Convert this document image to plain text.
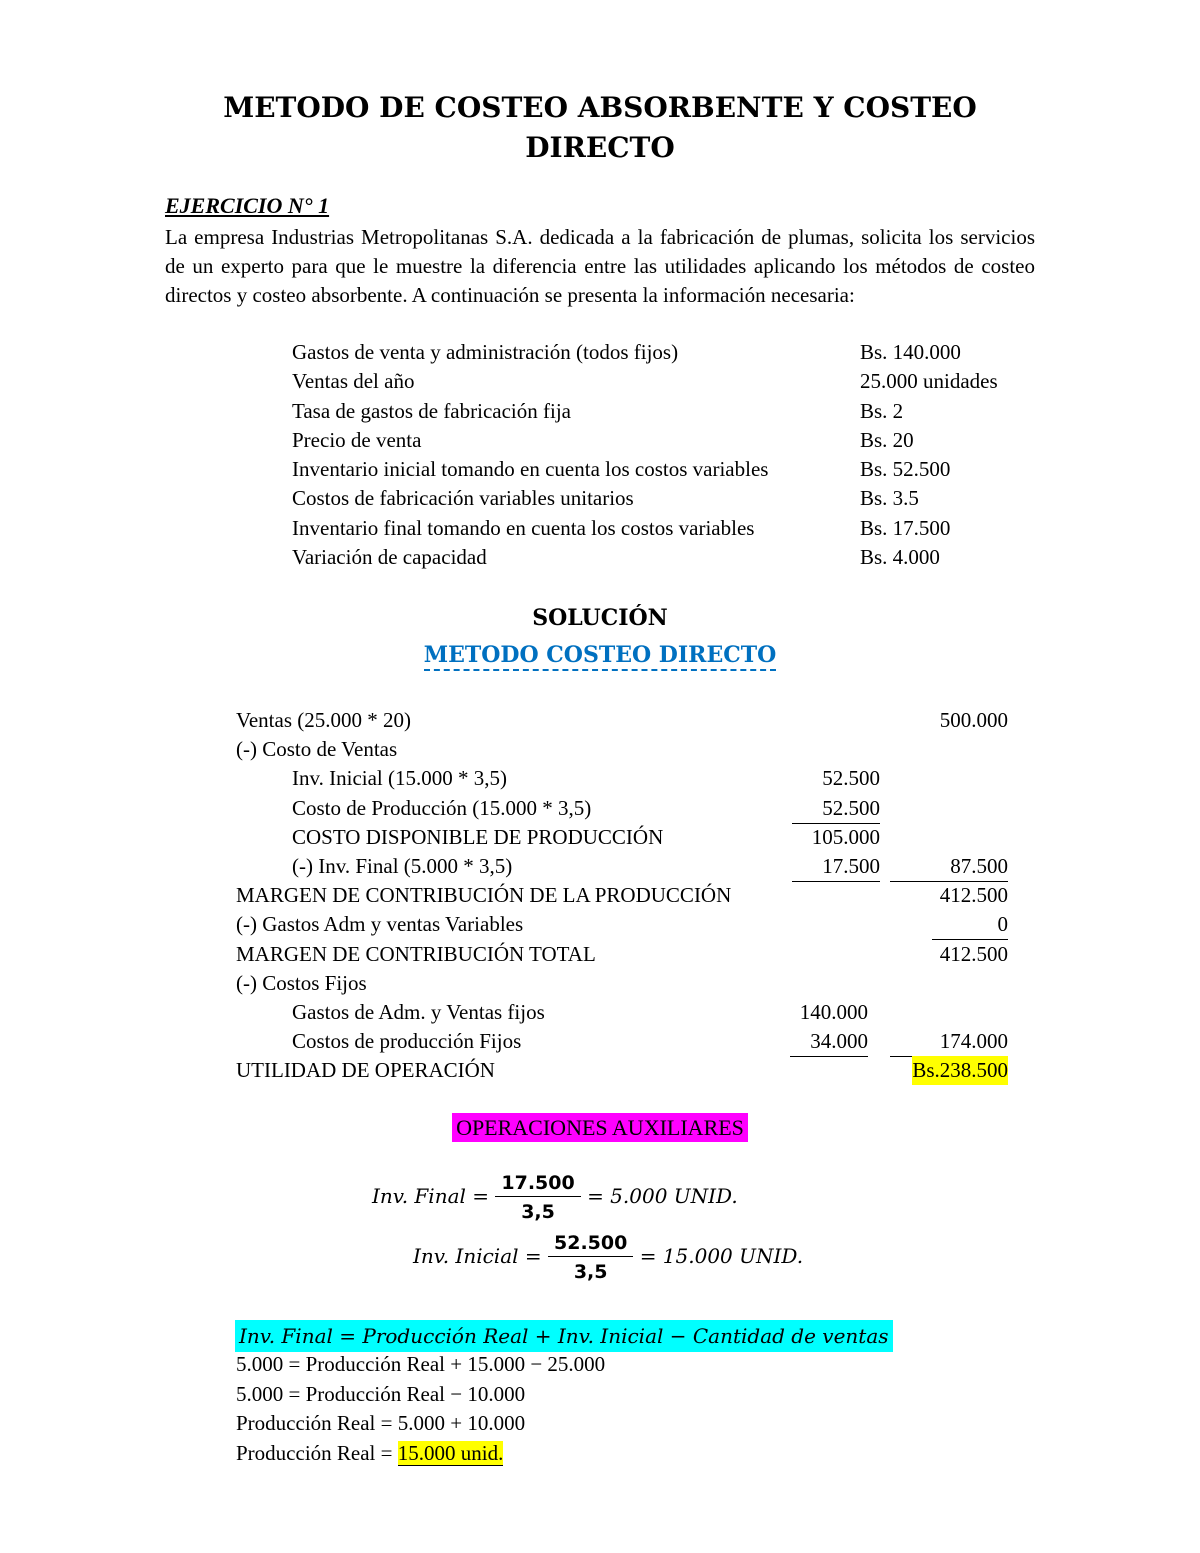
METODO DE COSTEO ABSORBENTE Y COSTEO DIRECTO
EJERCICIO N° 1

La empresa Industrias Metropolitanas S.A. dedicada a la fabricación de plumas, solicita los servicios de un experto para que le muestre la diferencia entre las utilidades aplicando los métodos de costeo directos y costeo absorbente. A continuación se presenta la información necesaria:

Gastos de venta y administración (todos fijos)	Bs. 140.000
Ventas del año	25.000 unidades
Tasa de gastos de fabricación fija	Bs. 2
Precio de venta	Bs. 20
Inventario inicial tomando en cuenta los costos variables	Bs. 52.500
Costos de fabricación variables unitarios	Bs. 3.5
Inventario final tomando en cuenta los costos variables	Bs. 17.500
Variación de capacidad	Bs. 4.000
SOLUCIÓN
METODO COSTEO DIRECTO
Ventas (25.000 * 20)	500.000
(-) Costo de Ventas
Inv. Inicial (15.000 * 3,5)	52.500
Costo de Producción (15.000 * 3,5)	52.500
COSTO DISPONIBLE DE PRODUCCIÓN	105.000
(-) Inv. Final (5.000 * 3,5)	17.500	87.500
MARGEN DE CONTRIBUCIÓN DE LA PRODUCCIÓN	412.500
(-) Gastos Adm y ventas Variables	0
MARGEN DE CONTRIBUCIÓN TOTAL	412.500
(-) Costos Fijos
Gastos de Adm. y Ventas fijos	140.000
Costos de producción Fijos	34.000	174.000
UTILIDAD DE OPERACIÓN	Bs.238.500
OPERACIONES AUXILIARES
Inv. Final = $\frac{17.500}{3,5} = 5.000$ UNID.
Inv. Inicial = $\frac{52.500}{3,5} = 15.000$ UNID.
Inv. Final = Producción Real + Inv. Inicial − Cantidad de ventas
5.000 = Producción Real + 15.000 − 25.000
5.000 = Producción Real − 10.000
Producción Real = 5.000 + 10.000
Producción Real = 15.000 unid.
